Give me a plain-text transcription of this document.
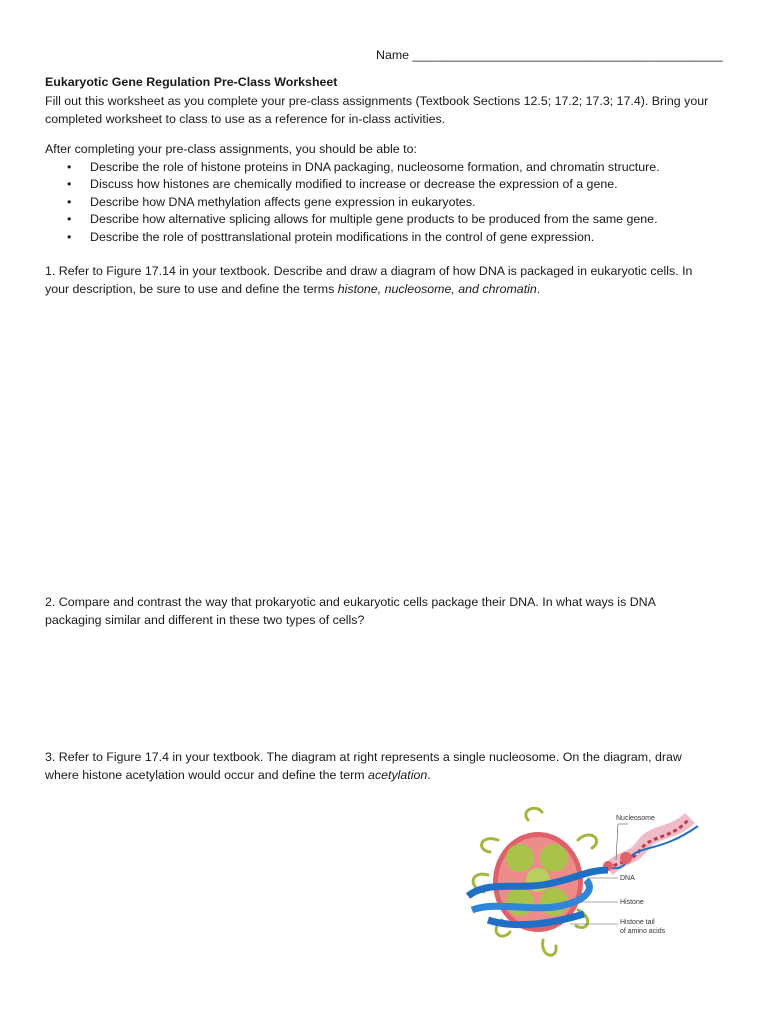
Name _____________________________________________
Eukaryotic Gene Regulation Pre-Class Worksheet
Fill out this worksheet as you complete your pre-class assignments (Textbook Sections 12.5; 17.2; 17.3; 17.4). Bring your
completed worksheet to class to use as a reference for in-class activities.
After completing your pre-class assignments, you should be able to:
• Describe the role of histone proteins in DNA packaging, nucleosome formation, and chromatin structure.
• Discuss how histones are chemically modified to increase or decrease the expression of a gene.
• Describe how DNA methylation affects gene expression in eukaryotes.
• Describe how alternative splicing allows for multiple gene products to be produced from the same gene.
• Describe the role of posttranslational protein modifications in the control of gene expression.
1. Refer to Figure 17.14 in your textbook. Describe and draw a diagram of how DNA is packaged in eukaryotic cells. In
your description, be sure to use and define the terms histone, nucleosome, and chromatin.
2. Compare and contrast the way that prokaryotic and eukaryotic cells package their DNA. In what ways is DNA
packaging similar and different in these two types of cells?
3. Refer to Figure 17.4 in your textbook. The diagram at right represents a single nucleosome. On the diagram, draw
where histone acetylation would occur and define the term acetylation.
Nucleosome
DNA
Histone
Histone tail
of amino acids
